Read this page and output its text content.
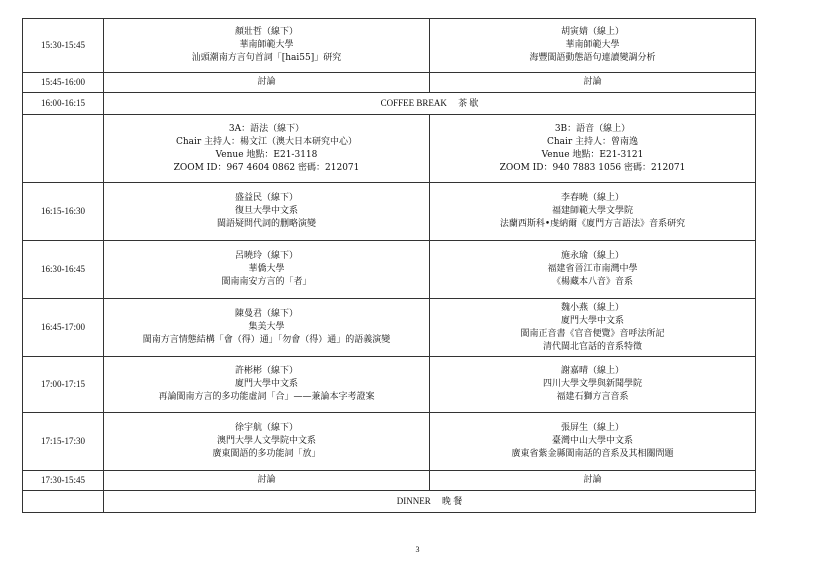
15:30-15:45	顏壯哲（線下）
華南師範大學
汕頭潮南方言句首詞「[hai55]」研究	胡寅婧（線上）
華南師範大學
海豐閩語動態語句連讀變調分析

15:45-16:00	討論	討論
16:00-16:15	COFFEE BREAK　 茶 歇	

	3A：語法（線下）
Chair 主持人：楊文江（澳大日本研究中心）
Venue 地點：E21-3118
ZOOM ID：967 4604 0862 密碼：212071	3B：語音（線上）
Chair 主持人：曾南逸
Venue 地點：E21-3121
ZOOM ID：940 7883 1056 密碼：212071

16:15-16:30	盛益民（線下）
復旦大學中文系
閩語疑問代詞的删略演變	李春曉（線上）
福建師範大學文學院
法蘭西斯科•虔納爾《廈門方言語法》音系研究

16:30-16:45	呂曉玲（線下）
華僑大學
閩南南安方言的「者」	施永瑜（線上）
福建省晉江市南灣中學
《楊藏本八音》音系

16:45-17:00	陳曼君（線下）
集美大學
閩南方言情態結構「會（得）通」「勿會（得）通」的語義演變	魏小燕（線上）
廈門大學中文系
閩南正音書《官音便覽》音呼法所記
清代閩北官話的音系特徵

17:00-17:15	許彬彬（線下）
廈門大學中文系
再論閩南方言的多功能虛詞「合」——兼論本字考證案	謝嘉晴（線上）
四川大學文學與新聞學院
福建石獅方言音系

17:15-17:30	徐宇航（線下）
澳門大學人文學院中文系
廣東閩語的多功能詞「放」	張屏生（線上）
臺灣中山大學中文系
廣東省紫金縣閩南話的音系及其相關問題

17:30-15:45	討論	討論
	DINNER　 晚 餐	
3
